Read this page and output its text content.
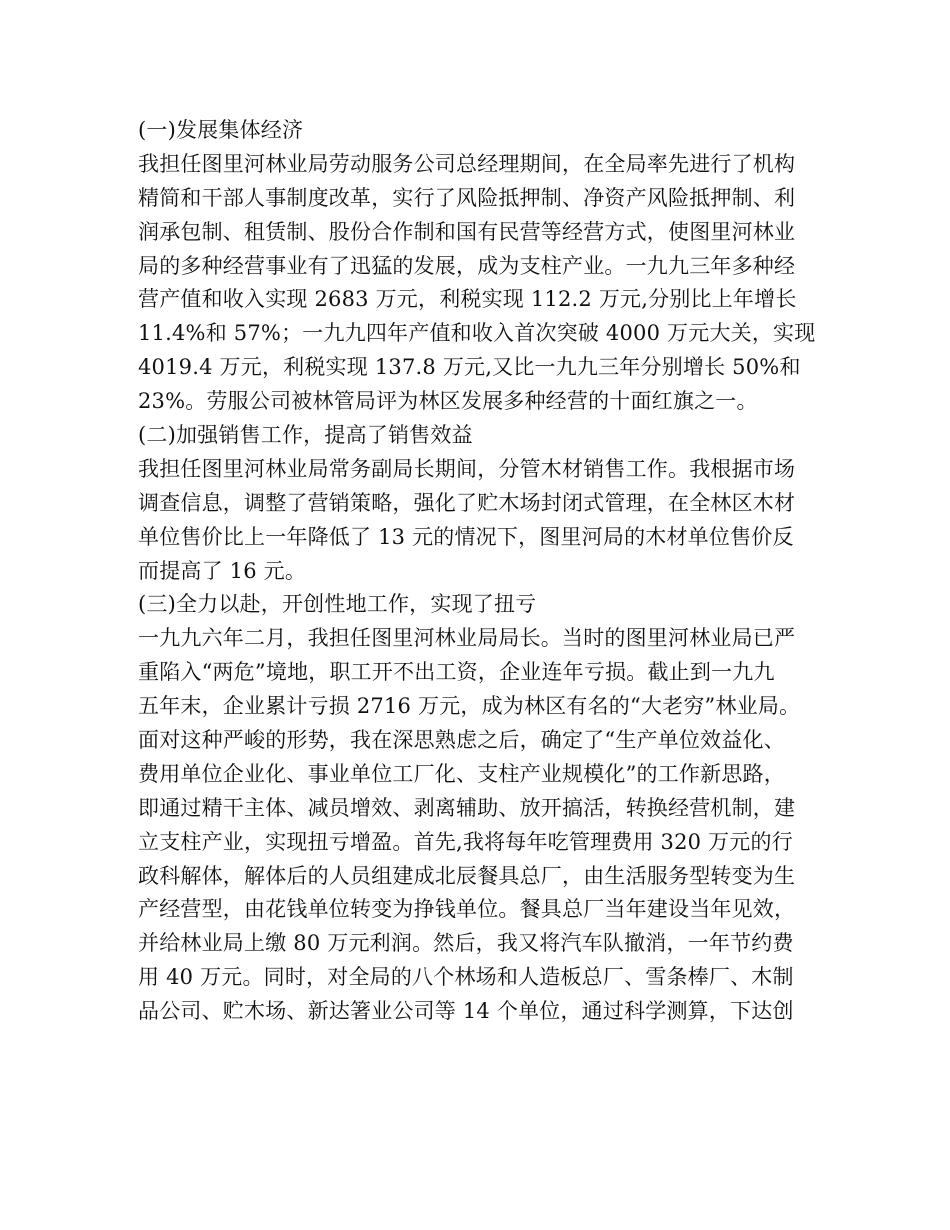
(一)发展集体经济
我担任图里河林业局劳动服务公司总经理期间，在全局率先进行了机构
精简和干部人事制度改革，实行了风险抵押制、净资产风险抵押制、利
润承包制、租赁制、股份合作制和国有民营等经营方式，使图里河林业
局的多种经营事业有了迅猛的发展，成为支柱产业。一九九三年多种经
营产值和收入实现 2683 万元，利税实现 112.2 万元,分别比上年增长
11.4%和 57%；一九九四年产值和收入首次突破 4000 万元大关，实现
4019.4 万元，利税实现 137.8 万元,又比一九九三年分别增长 50%和
23%。劳服公司被林管局评为林区发展多种经营的十面红旗之一。
(二)加强销售工作，提高了销售效益
我担任图里河林业局常务副局长期间，分管木材销售工作。我根据市场
调查信息，调整了营销策略，强化了贮木场封闭式管理，在全林区木材
单位售价比上一年降低了 13 元的情况下，图里河局的木材单位售价反
而提高了 16 元。
(三)全力以赴，开创性地工作，实现了扭亏
一九九六年二月，我担任图里河林业局局长。当时的图里河林业局已严
重陷入“两危”境地，职工开不出工资，企业连年亏损。截止到一九九
五年末，企业累计亏损 2716 万元，成为林区有名的“大老穷”林业局。
面对这种严峻的形势，我在深思熟虑之后，确定了“生产单位效益化、
费用单位企业化、事业单位工厂化、支柱产业规模化”的工作新思路，
即通过精干主体、减员增效、剥离辅助、放开搞活，转换经营机制，建
立支柱产业，实现扭亏增盈。首先,我将每年吃管理费用 320 万元的行
政科解体，解体后的人员组建成北辰餐具总厂，由生活服务型转变为生
产经营型，由花钱单位转变为挣钱单位。餐具总厂当年建设当年见效，
并给林业局上缴 80 万元利润。然后，我又将汽车队撤消，一年节约费
用 40 万元。同时，对全局的八个林场和人造板总厂、雪条棒厂、木制
品公司、贮木场、新达箸业公司等 14 个单位，通过科学测算，下达创
